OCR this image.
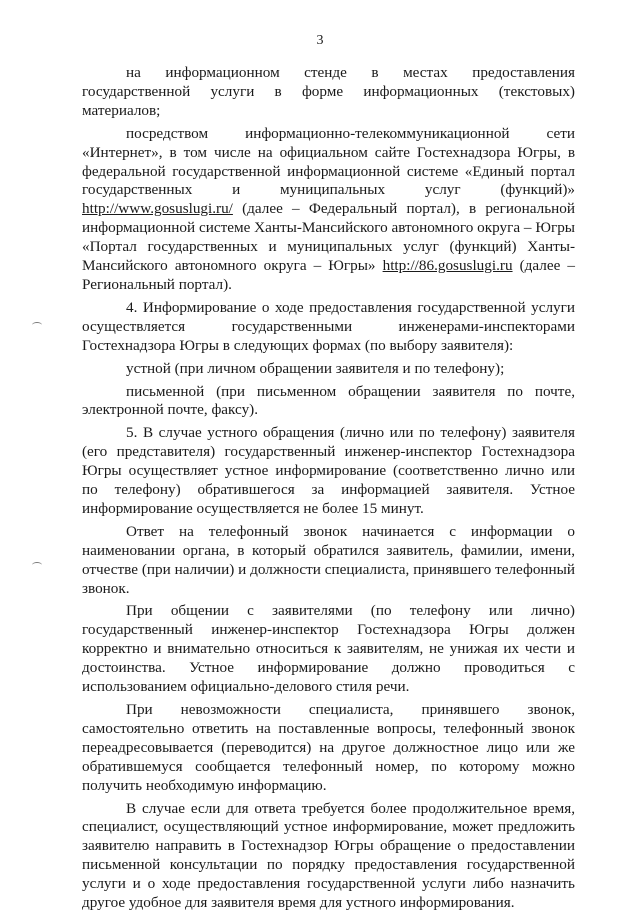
3

на информационном стенде в местах предоставления государственной услуги в форме информационных (текстовых) материалов;

посредством информационно-телекоммуникационной сети «Интернет», в том числе на официальном сайте Гостехнадзора Югры, в федеральной государственной информационной системе «Единый портал государственных и муниципальных услуг (функций)» http://www.gosuslugi.ru/ (далее – Федеральный портал), в региональной информационной системе Ханты-Мансийского автономного округа – Югры «Портал государственных и муниципальных услуг (функций) Ханты-Мансийского автономного округа – Югры» http://86.gosuslugi.ru (далее – Региональный портал).

4. Информирование о ходе предоставления государственной услуги осуществляется государственными инженерами-инспекторами Гостехнадзора Югры в следующих формах (по выбору заявителя):

устной (при личном обращении заявителя и по телефону);

письменной (при письменном обращении заявителя по почте, электронной почте, факсу).

5. В случае устного обращения (лично или по телефону) заявителя (его представителя) государственный инженер-инспектор Гостехнадзора Югры осуществляет устное информирование (соответственно лично или по телефону) обратившегося за информацией заявителя. Устное информирование осуществляется не более 15 минут.

Ответ на телефонный звонок начинается с информации о наименовании органа, в который обратился заявитель, фамилии, имени, отчестве (при наличии) и должности специалиста, принявшего телефонный звонок.

При общении с заявителями (по телефону или лично) государственный инженер-инспектор Гостехнадзора Югры должен корректно и внимательно относиться к заявителям, не унижая их чести и достоинства. Устное информирование должно проводиться с использованием официально-делового стиля речи.

При невозможности специалиста, принявшего звонок, самостоятельно ответить на поставленные вопросы, телефонный звонок переадресовывается (переводится) на другое должностное лицо или же обратившемуся сообщается телефонный номер, по которому можно получить необходимую информацию.

В случае если для ответа требуется более продолжительное время, специалист, осуществляющий устное информирование, может предложить заявителю направить в Гостехнадзор Югры обращение о предоставлении письменной консультации по порядку предоставления государственной услуги и о ходе предоставления государственной услуги либо назначить другое удобное для заявителя время для устного информирования.
